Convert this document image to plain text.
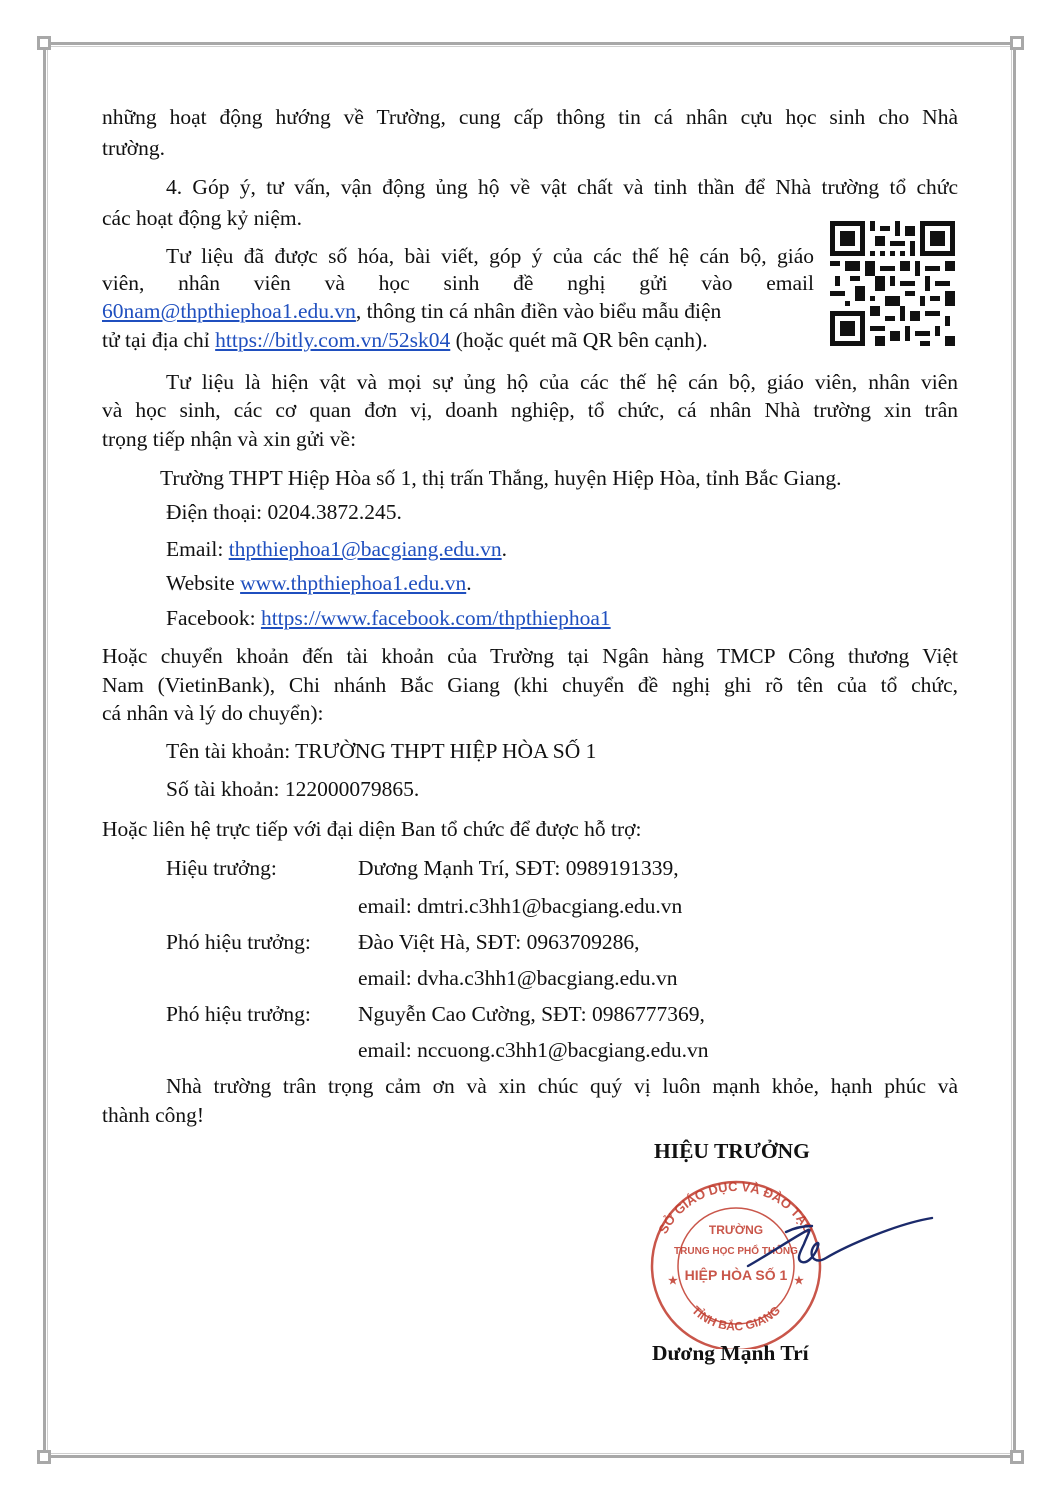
những hoạt động hướng về Trường, cung cấp thông tin cá nhân cựu học sinh cho Nhà
trường.
4. Góp ý, tư vấn, vận động ủng hộ về vật chất và tinh thần để Nhà trường tổ chức
các hoạt động kỷ niệm.
Tư liệu đã được số hóa, bài viết, góp ý của các thế hệ cán bộ, giáo
viên, nhân viên và học sinh đề nghị gửi vào email
60nam@thpthiephoa1.edu.vn, thông tin cá nhân điền vào biểu mẫu điện
tử tại địa chỉ https://bitly.com.vn/52sk04 (hoặc quét mã QR bên cạnh).
Tư liệu là hiện vật và mọi sự ủng hộ của các thế hệ cán bộ, giáo viên, nhân viên
và học sinh, các cơ quan đơn vị, doanh nghiệp, tổ chức, cá nhân Nhà trường xin trân
trọng tiếp nhận và xin gửi về:
Trường THPT Hiệp Hòa số 1, thị trấn Thắng, huyện Hiệp Hòa, tỉnh Bắc Giang.
Điện thoại: 0204.3872.245.
Email: thpthiephoa1@bacgiang.edu.vn.
Website www.thpthiephoa1.edu.vn.
Facebook: https://www.facebook.com/thpthiephoa1
Hoặc chuyển khoản đến tài khoản của Trường tại Ngân hàng TMCP Công thương Việt
Nam (VietinBank), Chi nhánh Bắc Giang (khi chuyển đề nghị ghi rõ tên của tổ chức,
cá nhân và lý do chuyển):
Tên tài khoản: TRƯỜNG THPT HIỆP HÒA SỐ 1
Số tài khoản: 122000079865.
Hoặc liên hệ trực tiếp với đại diện Ban tổ chức để được hỗ trợ:
Hiệu trưởng:	Dương Mạnh Trí, SĐT: 0989191339,
email: dmtri.c3hh1@bacgiang.edu.vn
Phó hiệu trưởng: Đào Việt Hà, SĐT: 0963709286,
email: dvha.c3hh1@bacgiang.edu.vn
Phó hiệu trưởng: Nguyễn Cao Cường, SĐT: 0986777369,
email: nccuong.c3hh1@bacgiang.edu.vn
Nhà trường trân trọng cảm ơn và xin chúc quý vị luôn mạnh khỏe, hạnh phúc và
thành công!
HIỆU TRƯỞNG
SỞ GIÁO DỤC VÀ ĐÀO TẠO
TỈNH BẮC GIANG
TRƯỜNG
TRUNG HỌC PHỔ THÔNG
HIỆP HÒA SỐ 1
★	★
Dương Mạnh Trí
